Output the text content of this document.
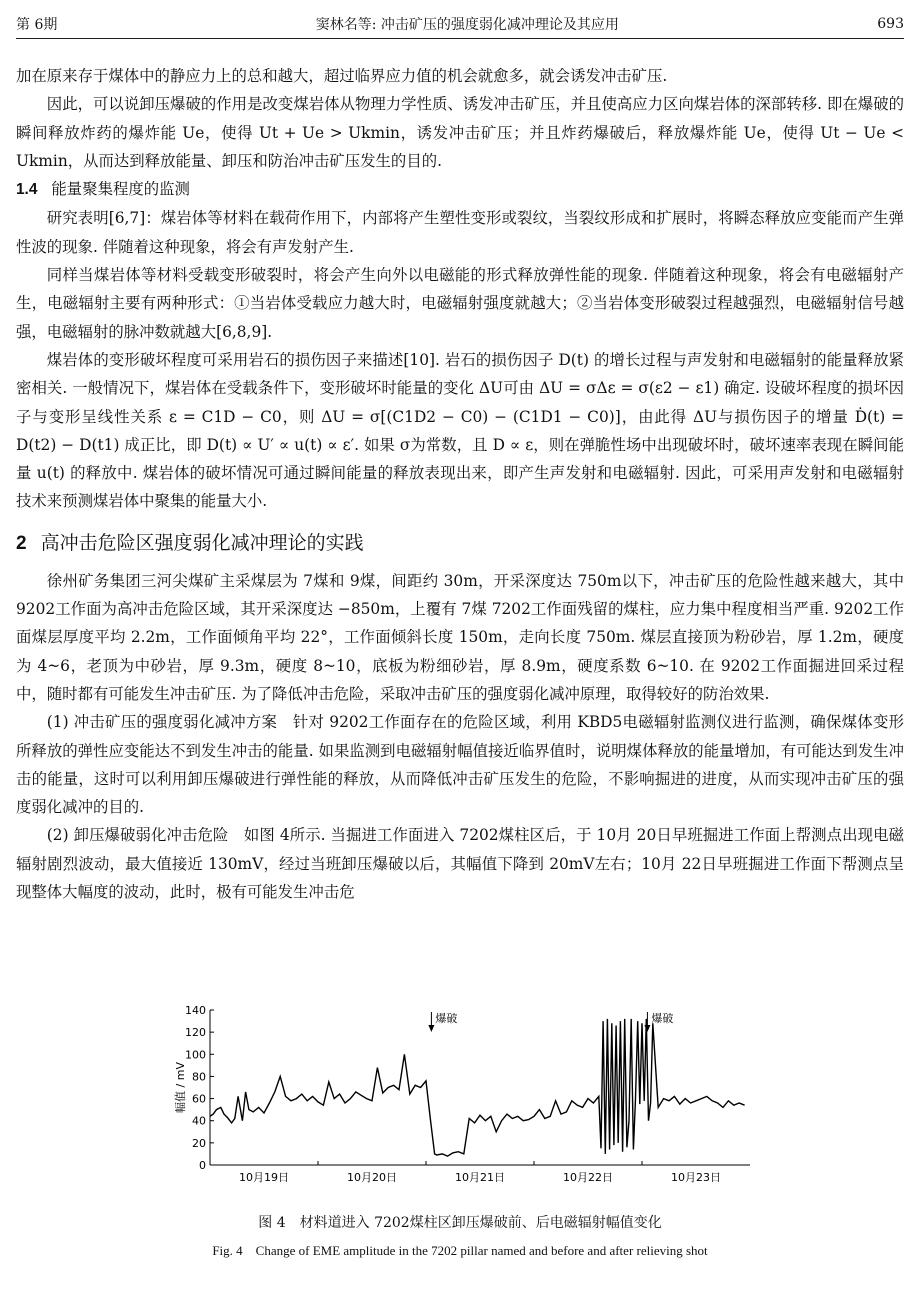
第 6期	窦林名等: 冲击矿压的强度弱化减冲理论及其应用	693

加在原来存于煤体中的静应力上的总和越大，超过临界应力值的机会就愈多，就会诱发冲击矿压.

因此，可以说卸压爆破的作用是改变煤岩体从物理力学性质、诱发冲击矿压，并且使高应力区向煤岩体的深部转移. 即在爆破的瞬间释放炸药的爆炸能 Ue，使得 Ut + Ue > Ukmin，诱发冲击矿压；并且炸药爆破后，释放爆炸能 Ue，使得 Ut − Ue < Ukmin，从而达到释放能量、卸压和防治冲击矿压发生的目的.

1.4 能量聚集程度的监测

研究表明[6,7]：煤岩体等材料在载荷作用下，内部将产生塑性变形或裂纹，当裂纹形成和扩展时，将瞬态释放应变能而产生弹性波的现象. 伴随着这种现象，将会有声发射产生.

同样当煤岩体等材料受载变形破裂时，将会产生向外以电磁能的形式释放弹性能的现象. 伴随着这种现象，将会有电磁辐射产生，电磁辐射主要有两种形式：①当岩体受载应力越大时，电磁辐射强度就越大；②当岩体变形破裂过程越强烈，电磁辐射信号越强，电磁辐射的脉冲数就越大[6,8,9].

煤岩体的变形破坏程度可采用岩石的损伤因子来描述[10]. 岩石的损伤因子 D(t) 的增长过程与声发射和电磁辐射的能量释放紧密相关. 一般情况下，煤岩体在受载条件下，变形破坏时能量的变化 ΔU可由 ΔU = σΔε = σ(ε2 − ε1) 确定. 设破坏程度的损坏因子与变形呈线性关系 ε = C1D − C0，则 ΔU = σ[(C1D2 − C0) − (C1D1 − C0)]，由此得 ΔU与损伤因子的增量 Ḋ(t) = D(t2) − D(t1) 成正比，即 D(t) ∝ U′ ∝ u(t) ∝ ε′. 如果 σ为常数，且 D ∝ ε，则在弹脆性场中出现破坏时，破坏速率表现在瞬间能量 u(t) 的释放中. 煤岩体的破坏情况可通过瞬间能量的释放表现出来，即产生声发射和电磁辐射. 因此，可采用声发射和电磁辐射技术来预测煤岩体中聚集的能量大小.

2 高冲击危险区强度弱化减冲理论的实践

徐州矿务集团三河尖煤矿主采煤层为 7煤和 9煤，间距约 30m，开采深度达 750m以下，冲击矿压的危险性越来越大，其中 9202工作面为高冲击危险区域，其开采深度达 −850m，上覆有 7煤 7202工作面残留的煤柱，应力集中程度相当严重. 9202工作面煤层厚度平均 2.2m，工作面倾角平均 22°，工作面倾斜长度 150m，走向长度 750m. 煤层直接顶为粉砂岩，厚 1.2m，硬度为 4~6，老顶为中砂岩，厚 9.3m，硬度 8~10，底板为粉细砂岩，厚 8.9m，硬度系数 6~10. 在 9202工作面掘进回采过程中，随时都有可能发生冲击矿压. 为了降低冲击危险，采取冲击矿压的强度弱化减冲原理，取得较好的防治效果.

(1) 冲击矿压的强度弱化减冲方案　针对 9202工作面存在的危险区域，利用 KBD5电磁辐射监测仪进行监测，确保煤体变形所释放的弹性应变能达不到发生冲击的能量. 如果监测到电磁辐射幅值接近临界值时，说明煤体释放的能量增加，有可能达到发生冲击的能量，这时可以利用卸压爆破进行弹性能的释放，从而降低冲击矿压发生的危险，不影响掘进的进度，从而实现冲击矿压的强度弱化减冲的目的.

(2) 卸压爆破弱化冲击危险　如图 4所示. 当掘进工作面进入 7202煤柱区后，于 10月 20日早班掘进工作面上帮测点出现电磁辐射剧烈波动，最大值接近 130mV，经过当班卸压爆破以后，其幅值下降到 20mV左右；10月 22日早班掘进工作面下帮测点呈现整体大幅度的波动，此时，极有可能发生冲击危

0
20
40
60
80
100
120
140
幅值 / mV
10月19日	10月20日	10月21日	10月22日	10月23日
爆破	爆破
图 4　材料道进入 7202煤柱区卸压爆破前、后电磁辐射幅值变化
Fig. 4　Change of EME amplitude in the 7202 pillar named and before and after relieving shot
